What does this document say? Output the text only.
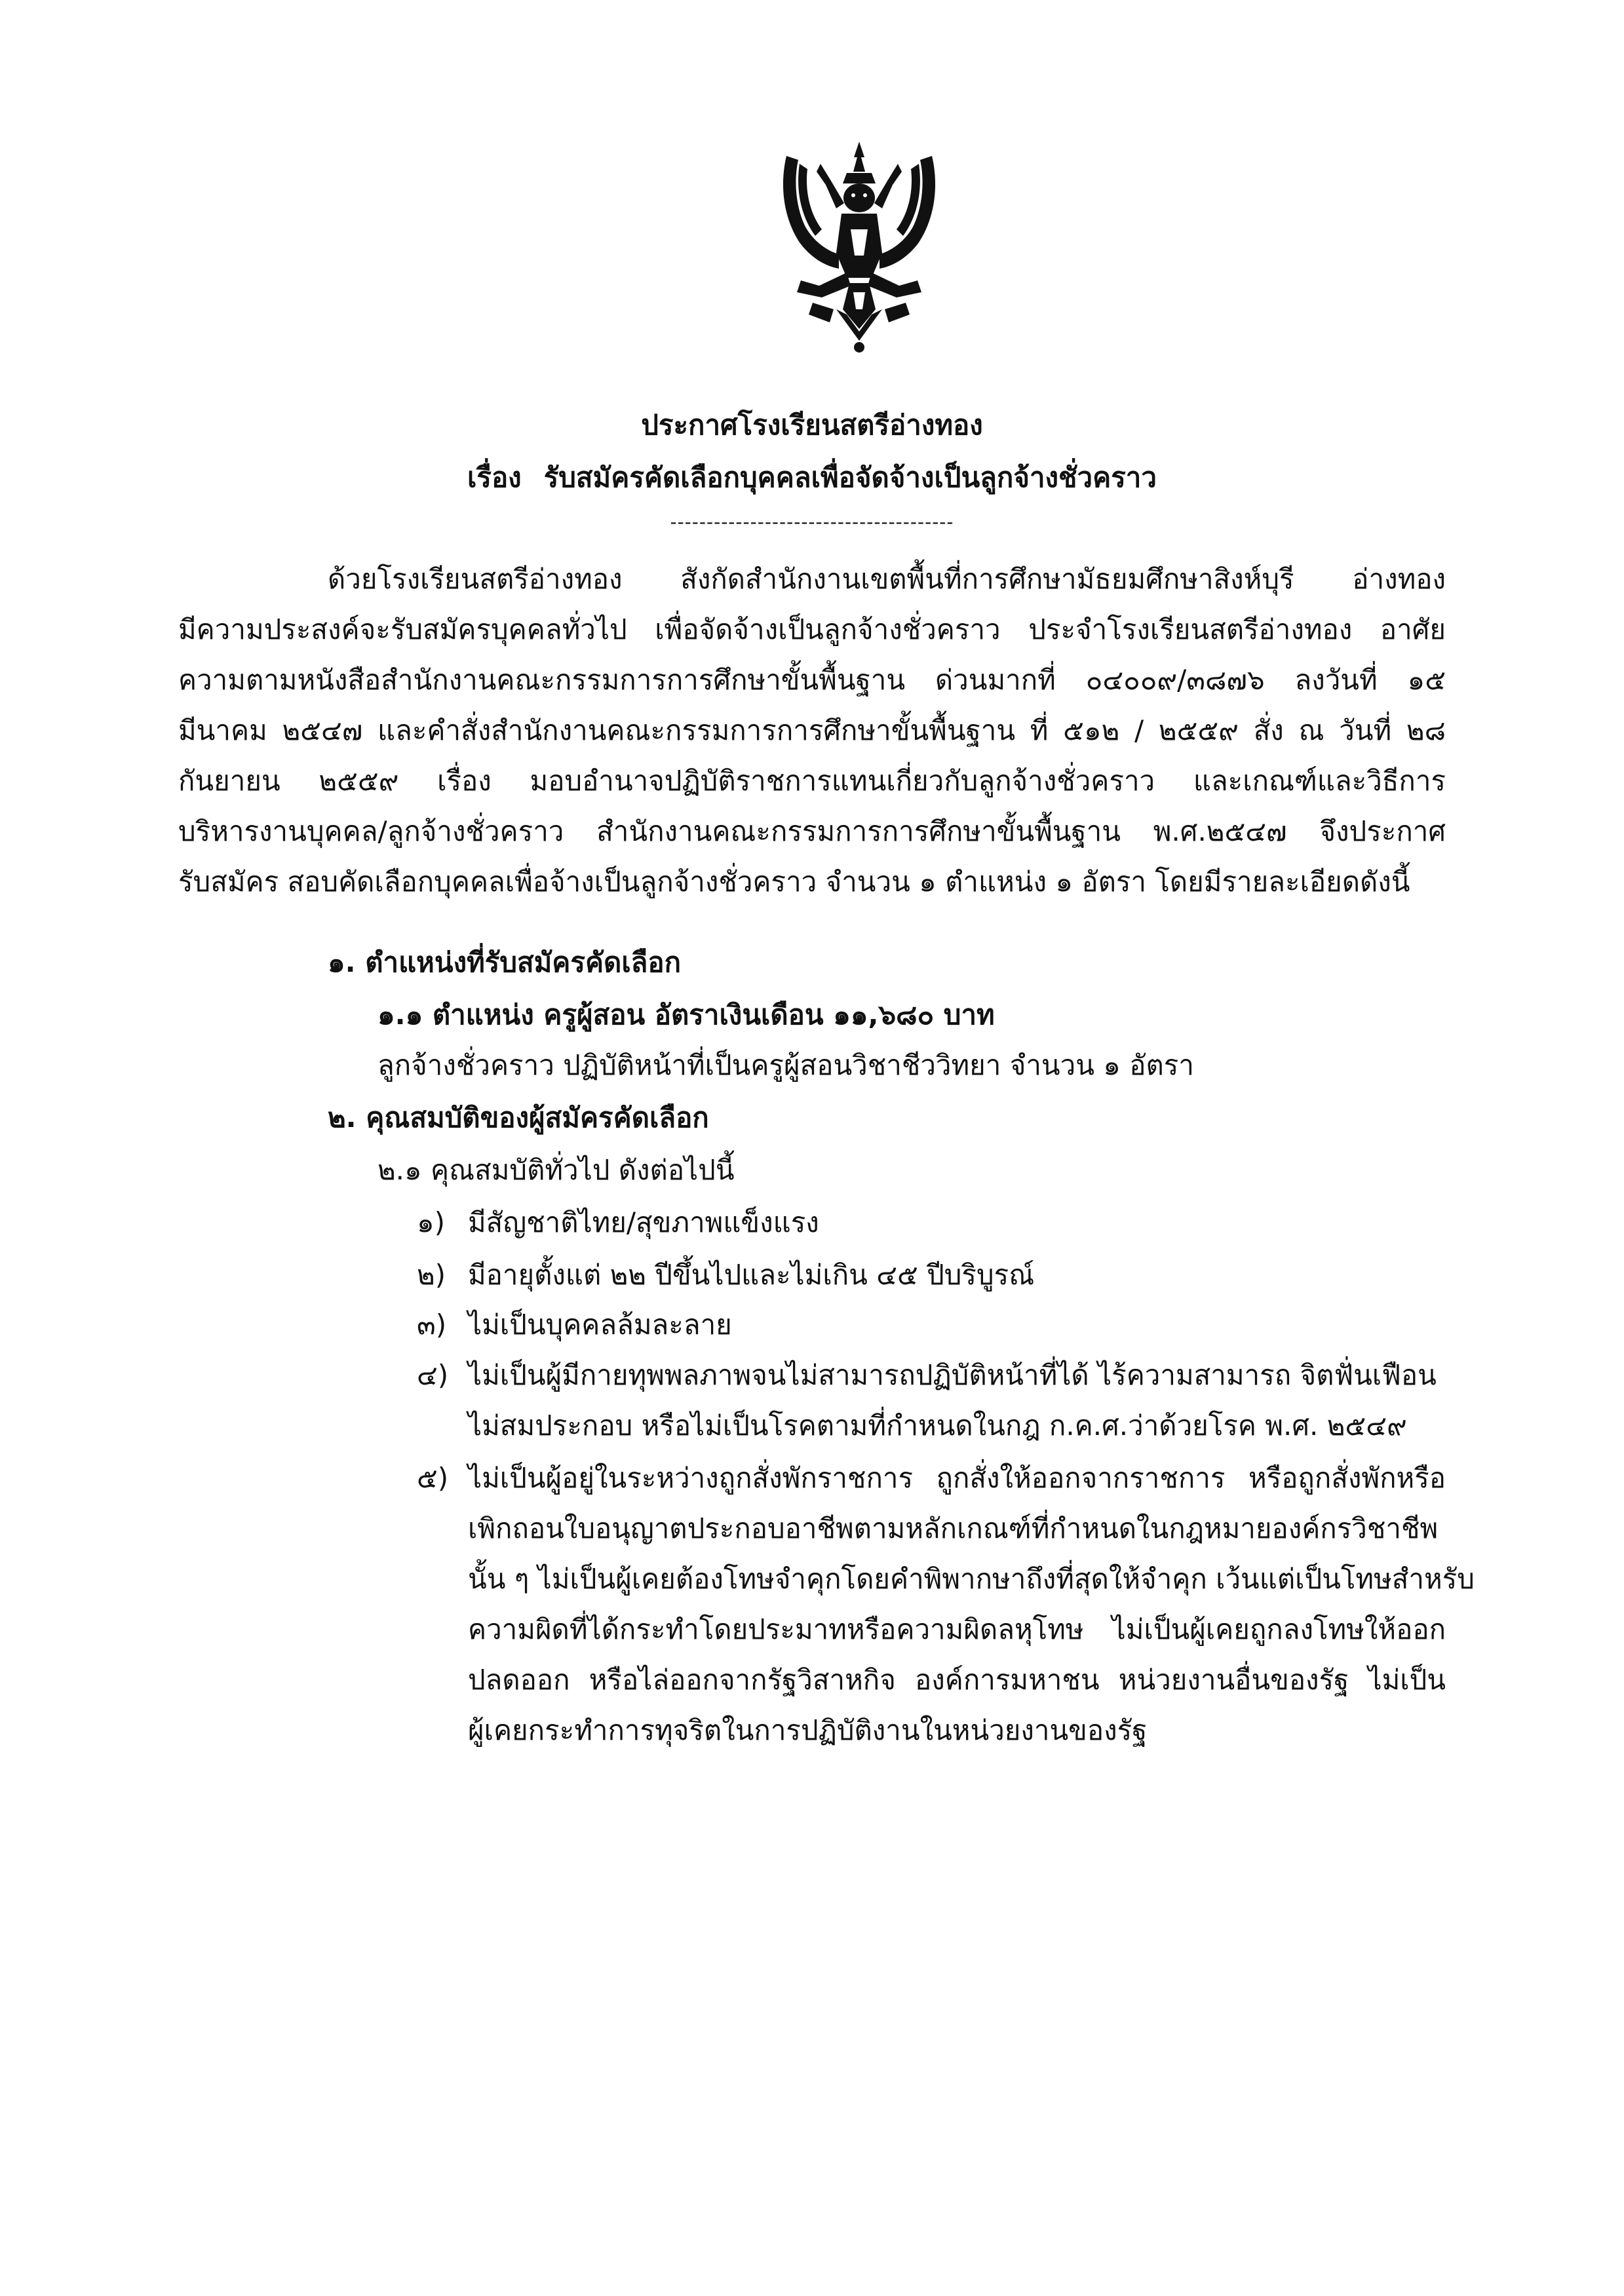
ประกาศโรงเรียนสตรีอ่างทอง
เรื่อง รับสมัครคัดเลือกบุคคลเพื่อจัดจ้างเป็นลูกจ้างชั่วคราว
---------------------------------------
ด้วยโรงเรียนสตรีอ่างทอง สังกัดสำนักงานเขตพื้นที่การศึกษามัธยมศึกษาสิงห์บุรี อ่างทอง
มีความประสงค์จะรับสมัครบุคคลทั่วไป เพื่อจัดจ้างเป็นลูกจ้างชั่วคราว ประจำโรงเรียนสตรีอ่างทอง อาศัย
ความตามหนังสือสำนักงานคณะกรรมการการศึกษาขั้นพื้นฐาน ด่วนมากที่ ๐๔๐๐๙/๓๘๗๖ ลงวันที่ ๑๕
มีนาคม ๒๕๔๗ และคำสั่งสำนักงานคณะกรรมการการศึกษาขั้นพื้นฐาน ที่ ๕๑๒ / ๒๕๕๙ สั่ง ณ วันที่ ๒๘
กันยายน ๒๕๕๙ เรื่อง มอบอำนาจปฏิบัติราชการแทนเกี่ยวกับลูกจ้างชั่วคราว และเกณฑ์และวิธีการ
บริหารงานบุคคล/ลูกจ้างชั่วคราว สำนักงานคณะกรรมการการศึกษาขั้นพื้นฐาน พ.ศ.๒๕๔๗ จึงประกาศ
รับสมัคร สอบคัดเลือกบุคคลเพื่อจ้างเป็นลูกจ้างชั่วคราว จำนวน ๑ ตำแหน่ง ๑ อัตรา โดยมีรายละเอียดดังนี้
๑. ตำแหน่งที่รับสมัครคัดเลือก
๑.๑ ตำแหน่ง ครูผู้สอน อัตราเงินเดือน ๑๑,๖๘๐ บาท
ลูกจ้างชั่วคราว ปฏิบัติหน้าที่เป็นครูผู้สอนวิชาชีววิทยา จำนวน ๑ อัตรา
๒. คุณสมบัติของผู้สมัครคัดเลือก
๒.๑ คุณสมบัติทั่วไป ดังต่อไปนี้
๑) มีสัญชาติไทย/สุขภาพแข็งแรง
๒) มีอายุตั้งแต่ ๒๒ ปีขึ้นไปและไม่เกิน ๔๕ ปีบริบูรณ์
๓) ไม่เป็นบุคคลล้มละลาย
๔) ไม่เป็นผู้มีกายทุพพลภาพจนไม่สามารถปฏิบัติหน้าที่ได้ ไร้ความสามารถ จิตฟั่นเฟือน
ไม่สมประกอบ หรือไม่เป็นโรคตามที่กำหนดในกฎ ก.ค.ศ.ว่าด้วยโรค พ.ศ. ๒๕๔๙
๕) ไม่เป็นผู้อยู่ในระหว่างถูกสั่งพักราชการ ถูกสั่งให้ออกจากราชการ หรือถูกสั่งพักหรือ
เพิกถอนใบอนุญาตประกอบอาชีพตามหลักเกณฑ์ที่กำหนดในกฎหมายองค์กรวิชาชีพ
นั้น ๆ ไม่เป็นผู้เคยต้องโทษจำคุกโดยคำพิพากษาถึงที่สุดให้จำคุก เว้นแต่เป็นโทษสำหรับ
ความผิดที่ได้กระทำโดยประมาทหรือความผิดลหุโทษ ไม่เป็นผู้เคยถูกลงโทษให้ออก
ปลดออก หรือไล่ออกจากรัฐวิสาหกิจ องค์การมหาชน หน่วยงานอื่นของรัฐ ไม่เป็น
ผู้เคยกระทำการทุจริตในการปฏิบัติงานในหน่วยงานของรัฐ
